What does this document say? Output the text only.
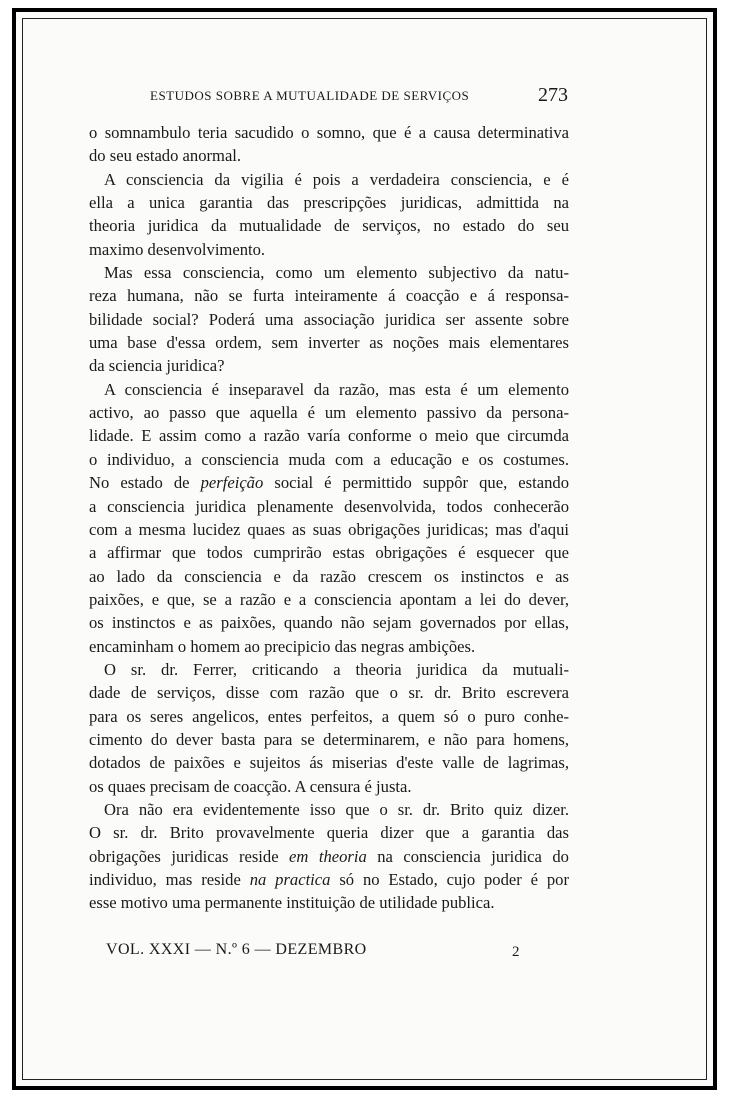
ESTUDOS SOBRE A MUTUALIDADE DE SERVIÇOS	273

o somnambulo teria sacudido o somno, que é a causa determinativa
do seu estado anormal.

A consciencia da vigilia é pois a verdadeira consciencia, e é
ella a unica garantia das prescripções juridicas, admittida na
theoria juridica da mutualidade de serviços, no estado do seu
maximo desenvolvimento.

Mas essa consciencia, como um elemento subjectivo da natu-
reza humana, não se furta inteiramente á coacção e á responsa-
bilidade social? Poderá uma associação juridica ser assente sobre
uma base d'essa ordem, sem inverter as noções mais elementares
da sciencia juridica?

A consciencia é inseparavel da razão, mas esta é um elemento
activo, ao passo que aquella é um elemento passivo da persona-
lidade. E assim como a razão varía conforme o meio que circumda
o individuo, a consciencia muda com a educação e os costumes.
No estado de perfeição social é permittido suppôr que, estando
a consciencia juridica plenamente desenvolvida, todos conhecerão
com a mesma lucidez quaes as suas obrigações juridicas; mas d'aqui
a affirmar que todos cumprirão estas obrigações é esquecer que
ao lado da consciencia e da razão crescem os instinctos e as
paixões, e que, se a razão e a consciencia apontam a lei do dever,
os instinctos e as paixões, quando não sejam governados por ellas,
encaminham o homem ao precipicio das negras ambições.

O sr. dr. Ferrer, criticando a theoria juridica da mutuali-
dade de serviços, disse com razão que o sr. dr. Brito escrevera
para os seres angelicos, entes perfeitos, a quem só o puro conhe-
cimento do dever basta para se determinarem, e não para homens,
dotados de paixões e sujeitos ás miserias d'este valle de lagrimas,
os quaes precisam de coacção. A censura é justa.

Ora não era evidentemente isso que o sr. dr. Brito quiz dizer.
O sr. dr. Brito provavelmente queria dizer que a garantia das
obrigações juridicas reside em theoria na consciencia juridica do
individuo, mas reside na practica só no Estado, cujo poder é por
esse motivo uma permanente instituição de utilidade publica.

VOL. XXXI — N.º 6 — DEZEMBRO	2
